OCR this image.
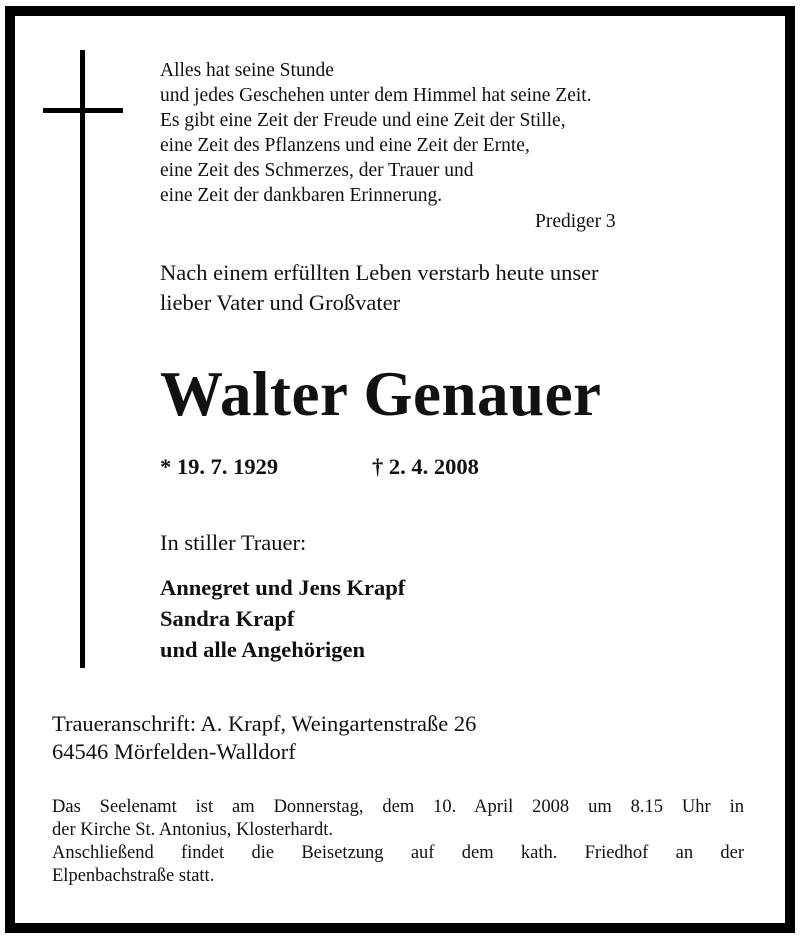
Alles hat seine Stunde
und jedes Geschehen unter dem Himmel hat seine Zeit.
Es gibt eine Zeit der Freude und eine Zeit der Stille,
eine Zeit des Pflanzens und eine Zeit der Ernte,
eine Zeit des Schmerzes, der Trauer und
eine Zeit der dankbaren Erinnerung.
Prediger 3
Nach einem erfüllten Leben verstarb heute unser
lieber Vater und Großvater
Walter Genauer
* 19. 7. 1929	† 2. 4. 2008
In stiller Trauer:
Annegret und Jens Krapf
Sandra Krapf
und alle Angehörigen
Traueranschrift: A. Krapf, Weingartenstraße 26
64546 Mörfelden-Walldorf
Das Seelenamt ist am Donnerstag, dem 10. April 2008 um 8.15 Uhr in
der Kirche St. Antonius, Klosterhardt.
Anschließend findet die Beisetzung auf dem kath. Friedhof an der
Elpenbachstraße statt.
